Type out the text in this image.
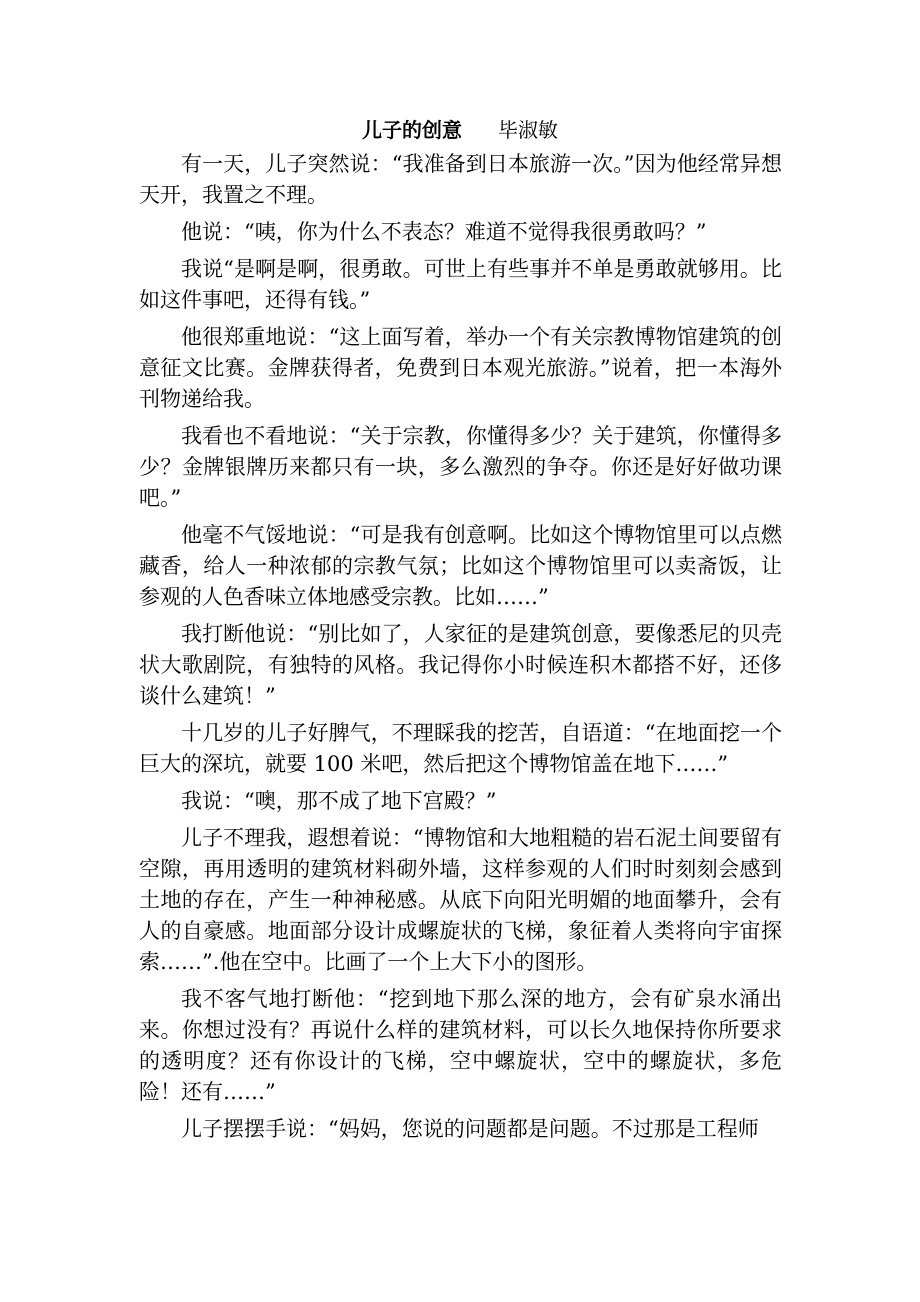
儿子的创意 毕淑敏

有一天，儿子突然说：“我准备到日本旅游一次。”因为他经常异想天开，我置之不理。

他说：“咦，你为什么不表态？难道不觉得我很勇敢吗？”

我说“是啊是啊，很勇敢。可世上有些事并不单是勇敢就够用。比如这件事吧，还得有钱。”

他很郑重地说：“这上面写着，举办一个有关宗教博物馆建筑的创意征文比赛。金牌获得者，免费到日本观光旅游。”说着，把一本海外刊物递给我。

我看也不看地说：“关于宗教，你懂得多少？关于建筑，你懂得多少？金牌银牌历来都只有一块，多么激烈的争夺。你还是好好做功课吧。”

他毫不气馁地说：“可是我有创意啊。比如这个博物馆里可以点燃藏香，给人一种浓郁的宗教气氛；比如这个博物馆里可以卖斋饭，让参观的人色香味立体地感受宗教。比如……”

我打断他说：“别比如了，人家征的是建筑创意，要像悉尼的贝壳状大歌剧院，有独特的风格。我记得你小时候连积木都搭不好，还侈谈什么建筑！”

十几岁的儿子好脾气，不理睬我的挖苦，自语道：“在地面挖一个巨大的深坑，就要 100 米吧，然后把这个博物馆盖在地下……”

我说：“噢，那不成了地下宫殿？”

儿子不理我，遐想着说：“博物馆和大地粗糙的岩石泥土间要留有空隙，再用透明的建筑材料砌外墙，这样参观的人们时时刻刻会感到土地的存在，产生一种神秘感。从底下向阳光明媚的地面攀升，会有人的自豪感。地面部分设计成螺旋状的飞梯，象征着人类将向宇宙探索……”.他在空中。比画了一个上大下小的图形。

我不客气地打断他：“挖到地下那么深的地方，会有矿泉水涌出来。你想过没有？再说什么样的建筑材料，可以长久地保持你所要求的透明度？还有你设计的飞梯，空中螺旋状，空中的螺旋状，多危险！还有……”

儿子摆摆手说：“妈妈，您说的问题都是问题。不过那是工程师
